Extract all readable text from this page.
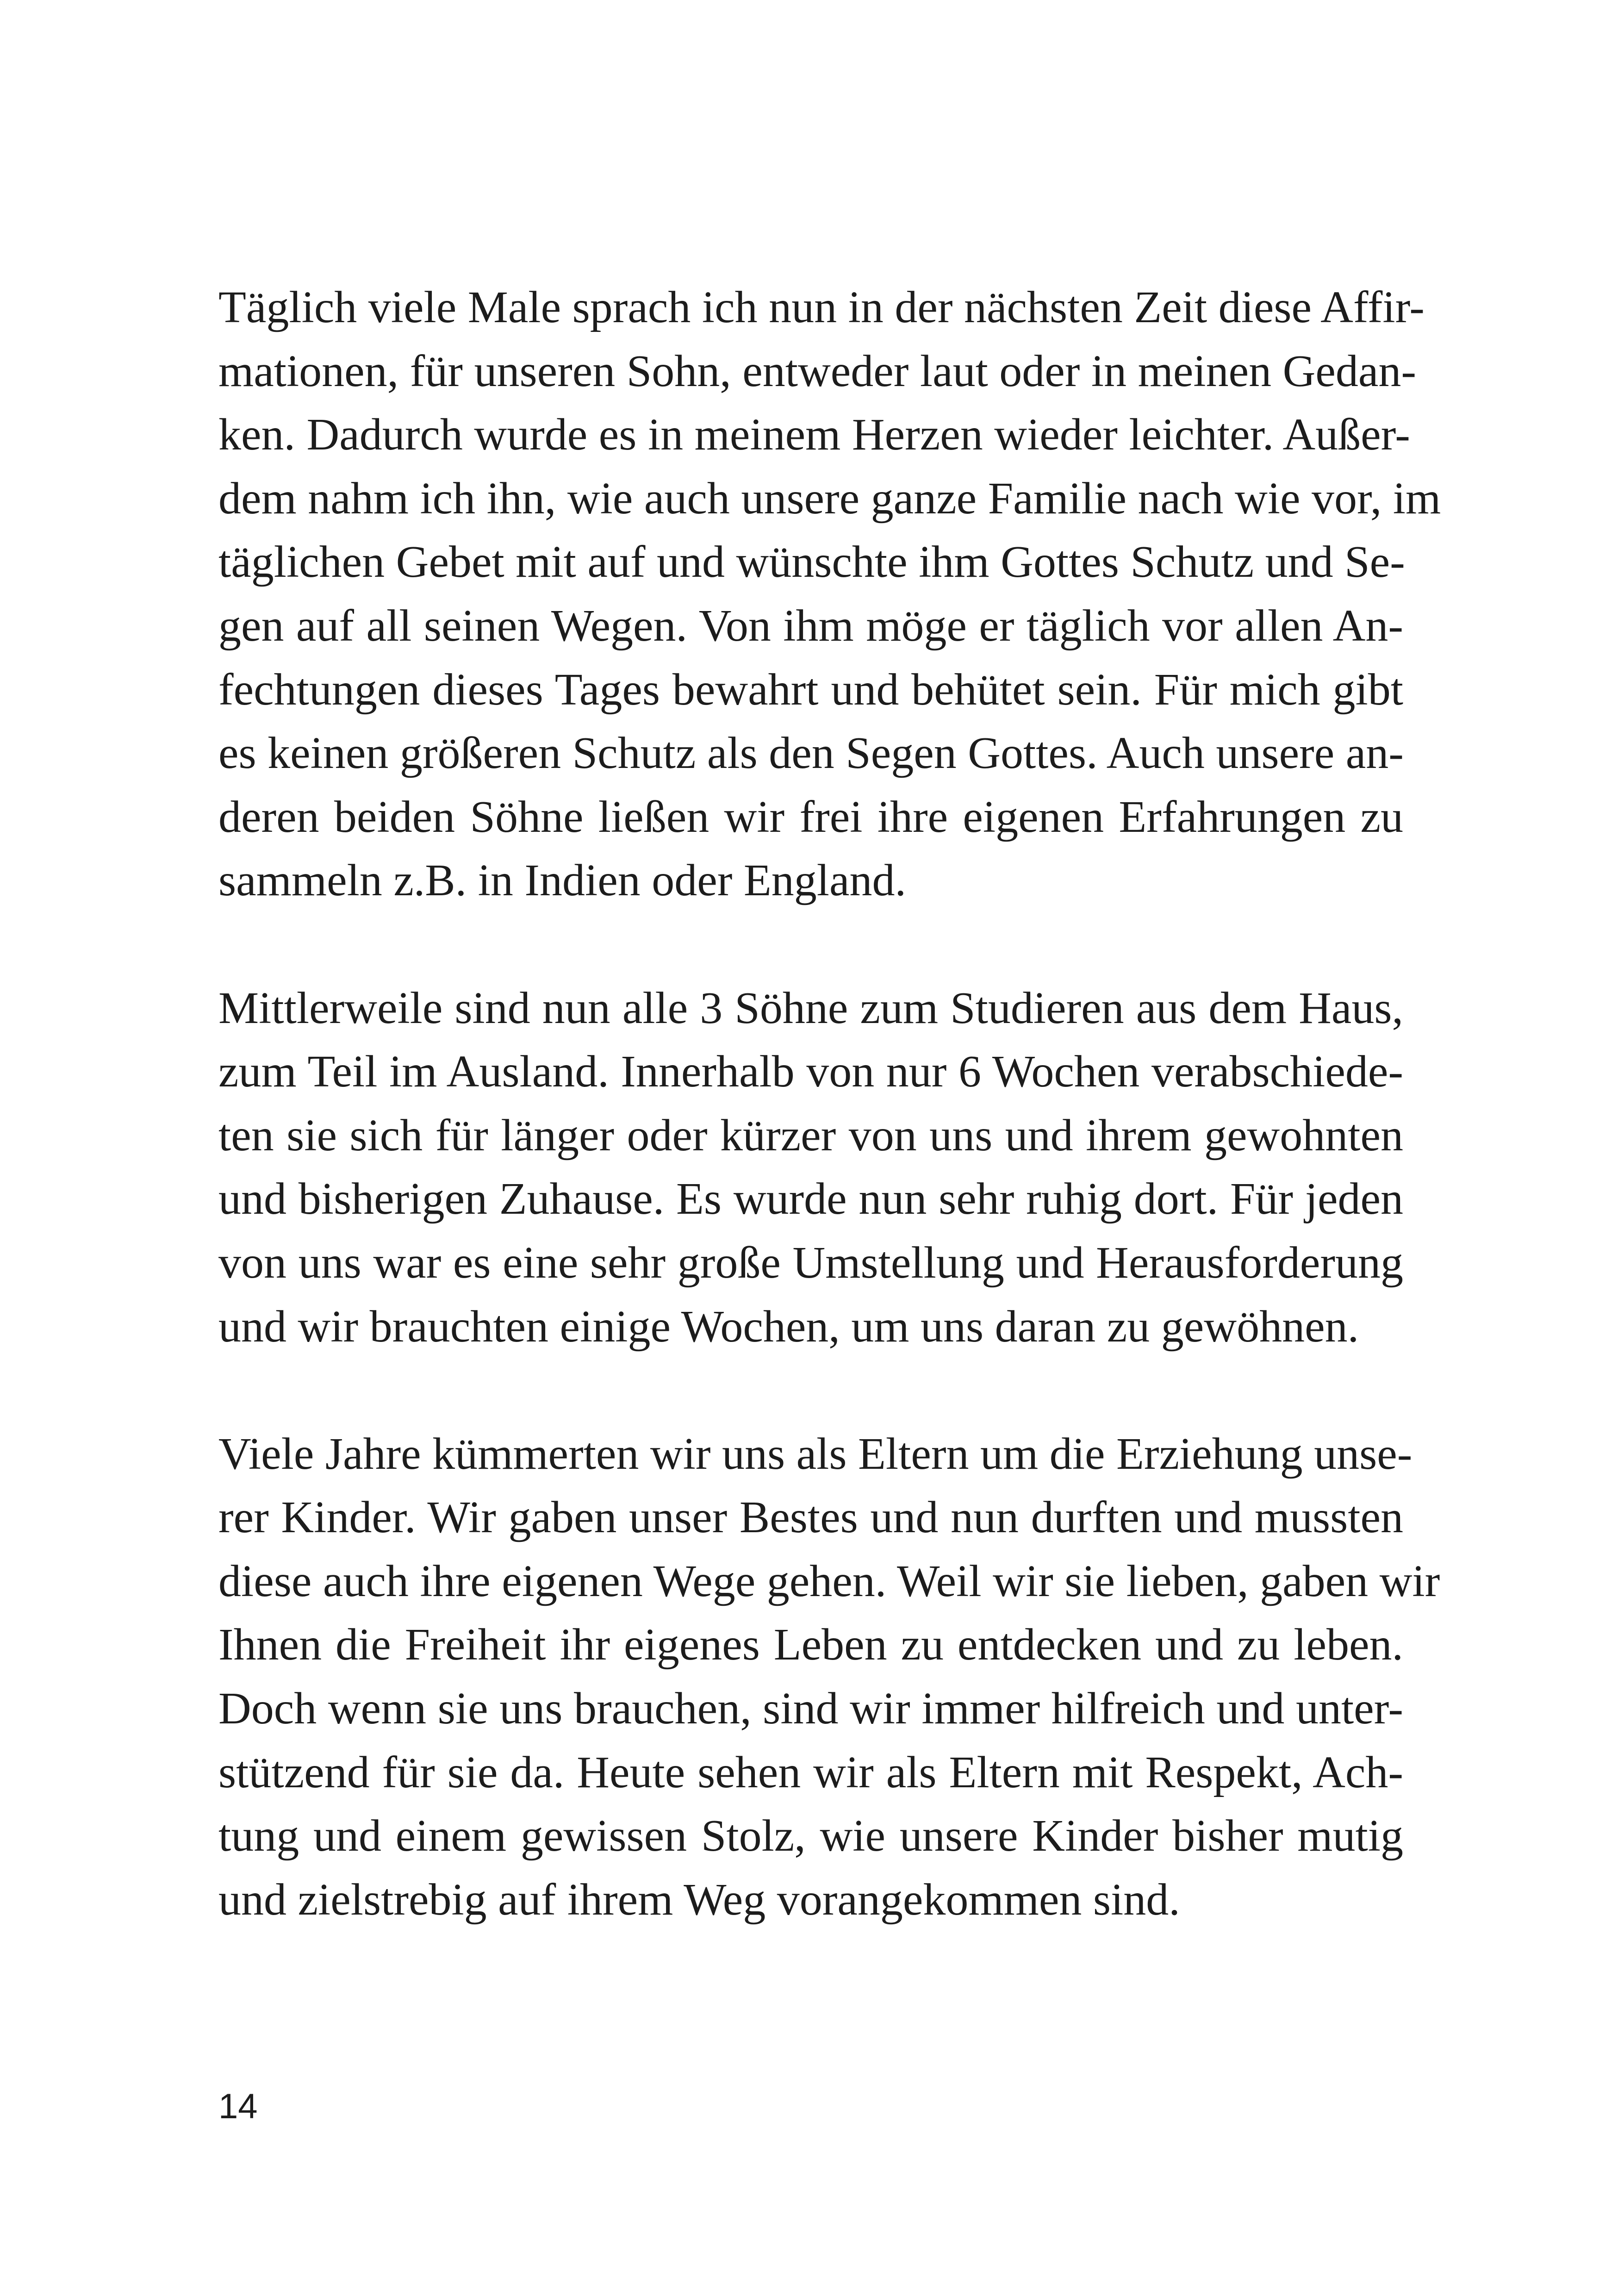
Täglich viele Male sprach ich nun in der nächsten Zeit diese Affir-
mationen, für unseren Sohn, entweder laut oder in meinen Gedan-
ken. Dadurch wurde es in meinem Herzen wieder leichter. Außer-
dem nahm ich ihn, wie auch unsere ganze Familie nach wie vor, im
täglichen Gebet mit auf und wünschte ihm Gottes Schutz und Se-
gen auf all seinen Wegen. Von ihm möge er täglich vor allen An-
fechtungen dieses Tages bewahrt und behütet sein. Für mich gibt
es keinen größeren Schutz als den Segen Gottes. Auch unsere an-
deren beiden Söhne ließen wir frei ihre eigenen Erfahrungen zu
sammeln z.B. in Indien oder England.
Mittlerweile sind nun alle 3 Söhne zum Studieren aus dem Haus,
zum Teil im Ausland. Innerhalb von nur 6 Wochen verabschiede-
ten sie sich für länger oder kürzer von uns und ihrem gewohnten
und bisherigen Zuhause. Es wurde nun sehr ruhig dort. Für jeden
von uns war es eine sehr große Umstellung und Herausforderung
und wir brauchten einige Wochen, um uns daran zu gewöhnen.
Viele Jahre kümmerten wir uns als Eltern um die Erziehung unse-
rer Kinder. Wir gaben unser Bestes und nun durften und mussten
diese auch ihre eigenen Wege gehen. Weil wir sie lieben, gaben wir
Ihnen die Freiheit ihr eigenes Leben zu entdecken und zu leben.
Doch wenn sie uns brauchen, sind wir immer hilfreich und unter-
stützend für sie da. Heute sehen wir als Eltern mit Respekt, Ach-
tung und einem gewissen Stolz, wie unsere Kinder bisher mutig
und zielstrebig auf ihrem Weg vorangekommen sind.
14
